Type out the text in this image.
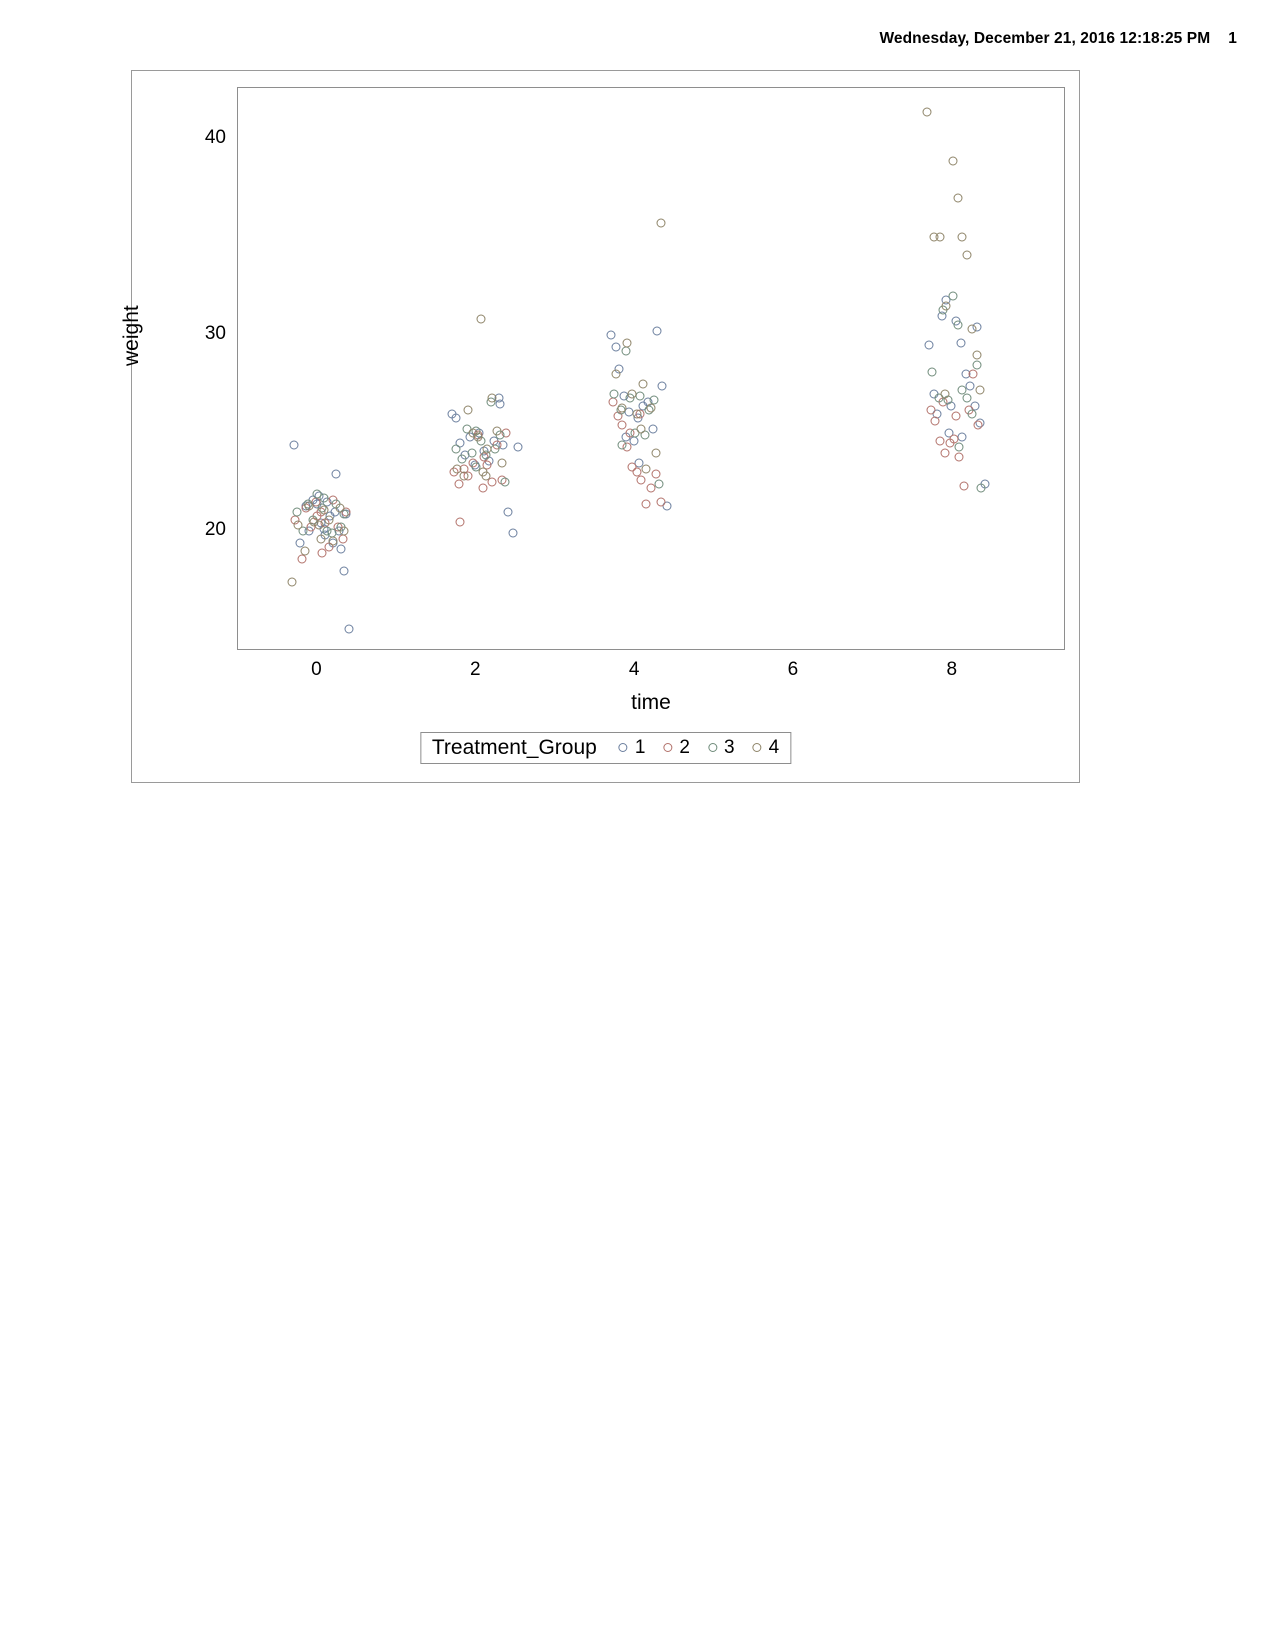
Wednesday, December 21, 2016 12:18:25 PM 1
weight
20
30
40
0	2	4	6	8
time
Treatment_Group 1 2 3 4
